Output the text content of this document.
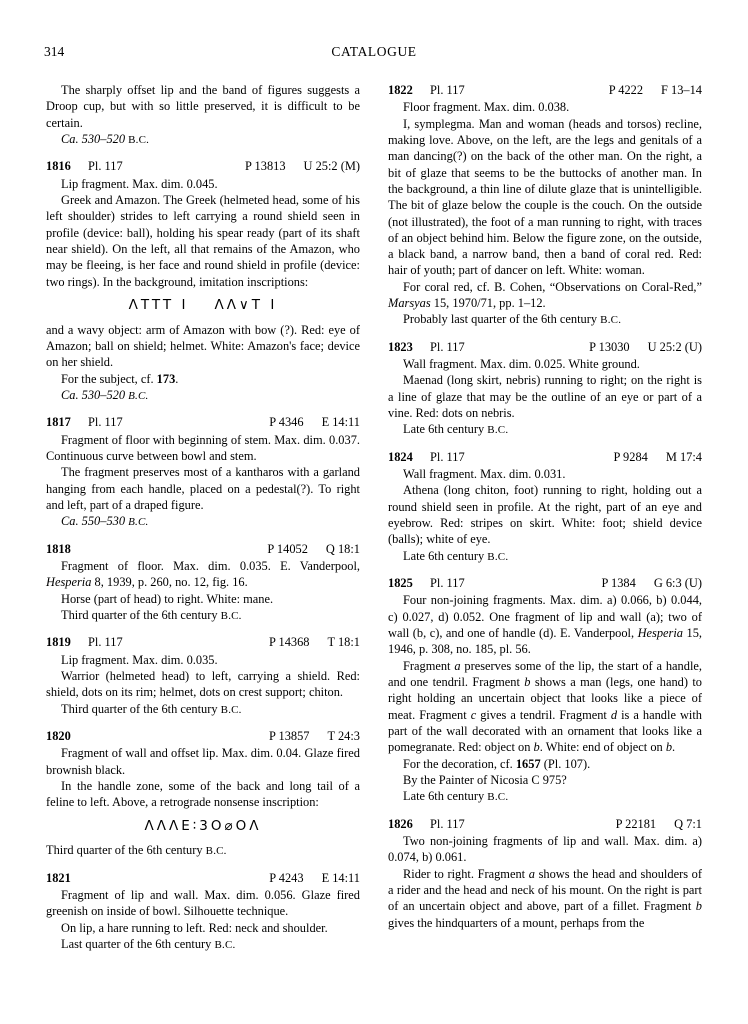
314	CATALOGUE

The sharply offset lip and the band of figures suggests a Droop cup, but with so little preserved, it is difficult to be certain.

Ca. 530–520 B.C.

1816	Pl. 117	P 13813	U 25:2 (M)

Lip fragment. Max. dim. 0.045.

Greek and Amazon. The Greek (helmeted head, some of his left shoulder) strides to left carrying a round shield seen in profile (device: ball), holding his spear ready (part of its shaft near shield). On the left, all that remains of the Amazon, who may be fleeing, is her face and round shield in profile (device: two rings). In the background, imitation inscriptions:

ΛTTT I ΛΛ∨T I

and a wavy object: arm of Amazon with bow (?). Red: eye of Amazon; ball on shield; helmet. White: Amazon's face; device on her shield.

For the subject, cf. 173.

Ca. 530–520 B.C.

1817	Pl. 117	P 4346	E 14:11

Fragment of floor with beginning of stem. Max. dim. 0.037. Continuous curve between bowl and stem.

The fragment preserves most of a kantharos with a garland hanging from each handle, placed on a pedestal(?). To right and left, part of a draped figure.

Ca. 550–530 B.C.

1818	P 14052	Q 18:1

Fragment of floor. Max. dim. 0.035. E. Vanderpool, Hesperia 8, 1939, p. 260, no. 12, fig. 16.

Horse (part of head) to right. White: mane.

Third quarter of the 6th century B.C.

1819	Pl. 117	P 14368	T 18:1

Lip fragment. Max. dim. 0.035.

Warrior (helmeted head) to left, carrying a shield. Red: shield, dots on its rim; helmet, dots on crest support; chiton.

Third quarter of the 6th century B.C.

1820	P 13857	T 24:3

Fragment of wall and offset lip. Max. dim. 0.04. Glaze fired brownish black.

In the handle zone, some of the back and long tail of a feline to left. Above, a retrograde nonsense inscription:

ΛΛΛE∶3O⌀OΛ

Third quarter of the 6th century B.C.

1821	P 4243	E 14:11

Fragment of lip and wall. Max. dim. 0.056. Glaze fired greenish on inside of bowl. Silhouette technique.

On lip, a hare running to left. Red: neck and shoulder.

Last quarter of the 6th century B.C.

1822	Pl. 117	P 4222	F 13–14

Floor fragment. Max. dim. 0.038.

I, symplegma. Man and woman (heads and torsos) recline, making love. Above, on the left, are the legs and genitals of a man dancing(?) on the back of the other man. On the right, a bit of glaze that seems to be the buttocks of another man. In the background, a thin line of dilute glaze that is unintelligible. The bit of glaze below the couple is the couch. On the outside (not illustrated), the foot of a man running to right, with traces of an object behind him. Below the figure zone, on the outside, a black band, a narrow band, then a band of coral red. Red: hair of youth; part of dancer on left. White: woman.

For coral red, cf. B. Cohen, “Observations on Coral-Red,” Marsyas 15, 1970/71, pp. 1–12.

Probably last quarter of the 6th century B.C.

1823	Pl. 117	P 13030	U 25:2 (U)

Wall fragment. Max. dim. 0.025. White ground.

Maenad (long skirt, nebris) running to right; on the right is a line of glaze that may be the outline of an eye or part of a vine. Red: dots on nebris.

Late 6th century B.C.

1824	Pl. 117	P 9284	M 17:4

Wall fragment. Max. dim. 0.031.

Athena (long chiton, foot) running to right, holding out a round shield seen in profile. At the right, part of an eye and eyebrow. Red: stripes on skirt. White: foot; shield device (balls); white of eye.

Late 6th century B.C.

1825	Pl. 117	P 1384	G 6:3 (U)

Four non-joining fragments. Max. dim. a) 0.066, b) 0.044, c) 0.027, d) 0.052. One fragment of lip and wall (a); two of wall (b, c), and one of handle (d). E. Vanderpool, Hesperia 15, 1946, p. 308, no. 185, pl. 56.

Fragment a preserves some of the lip, the start of a handle, and one tendril. Fragment b shows a man (legs, one hand) to right holding an uncertain object that looks like a piece of meat. Fragment c gives a tendril. Fragment d is a handle with part of the wall decorated with an ornament that looks like a pomegranate. Red: object on b. White: end of object on b.

For the decoration, cf. 1657 (Pl. 107).

By the Painter of Nicosia C 975?

Late 6th century B.C.

1826	Pl. 117	P 22181	Q 7:1

Two non-joining fragments of lip and wall. Max. dim. a) 0.074, b) 0.061.

Rider to right. Fragment a shows the head and shoulders of a rider and the head and neck of his mount. On the right is part of an uncertain object and above, part of a fillet. Fragment b gives the hindquarters of a mount, perhaps from the
